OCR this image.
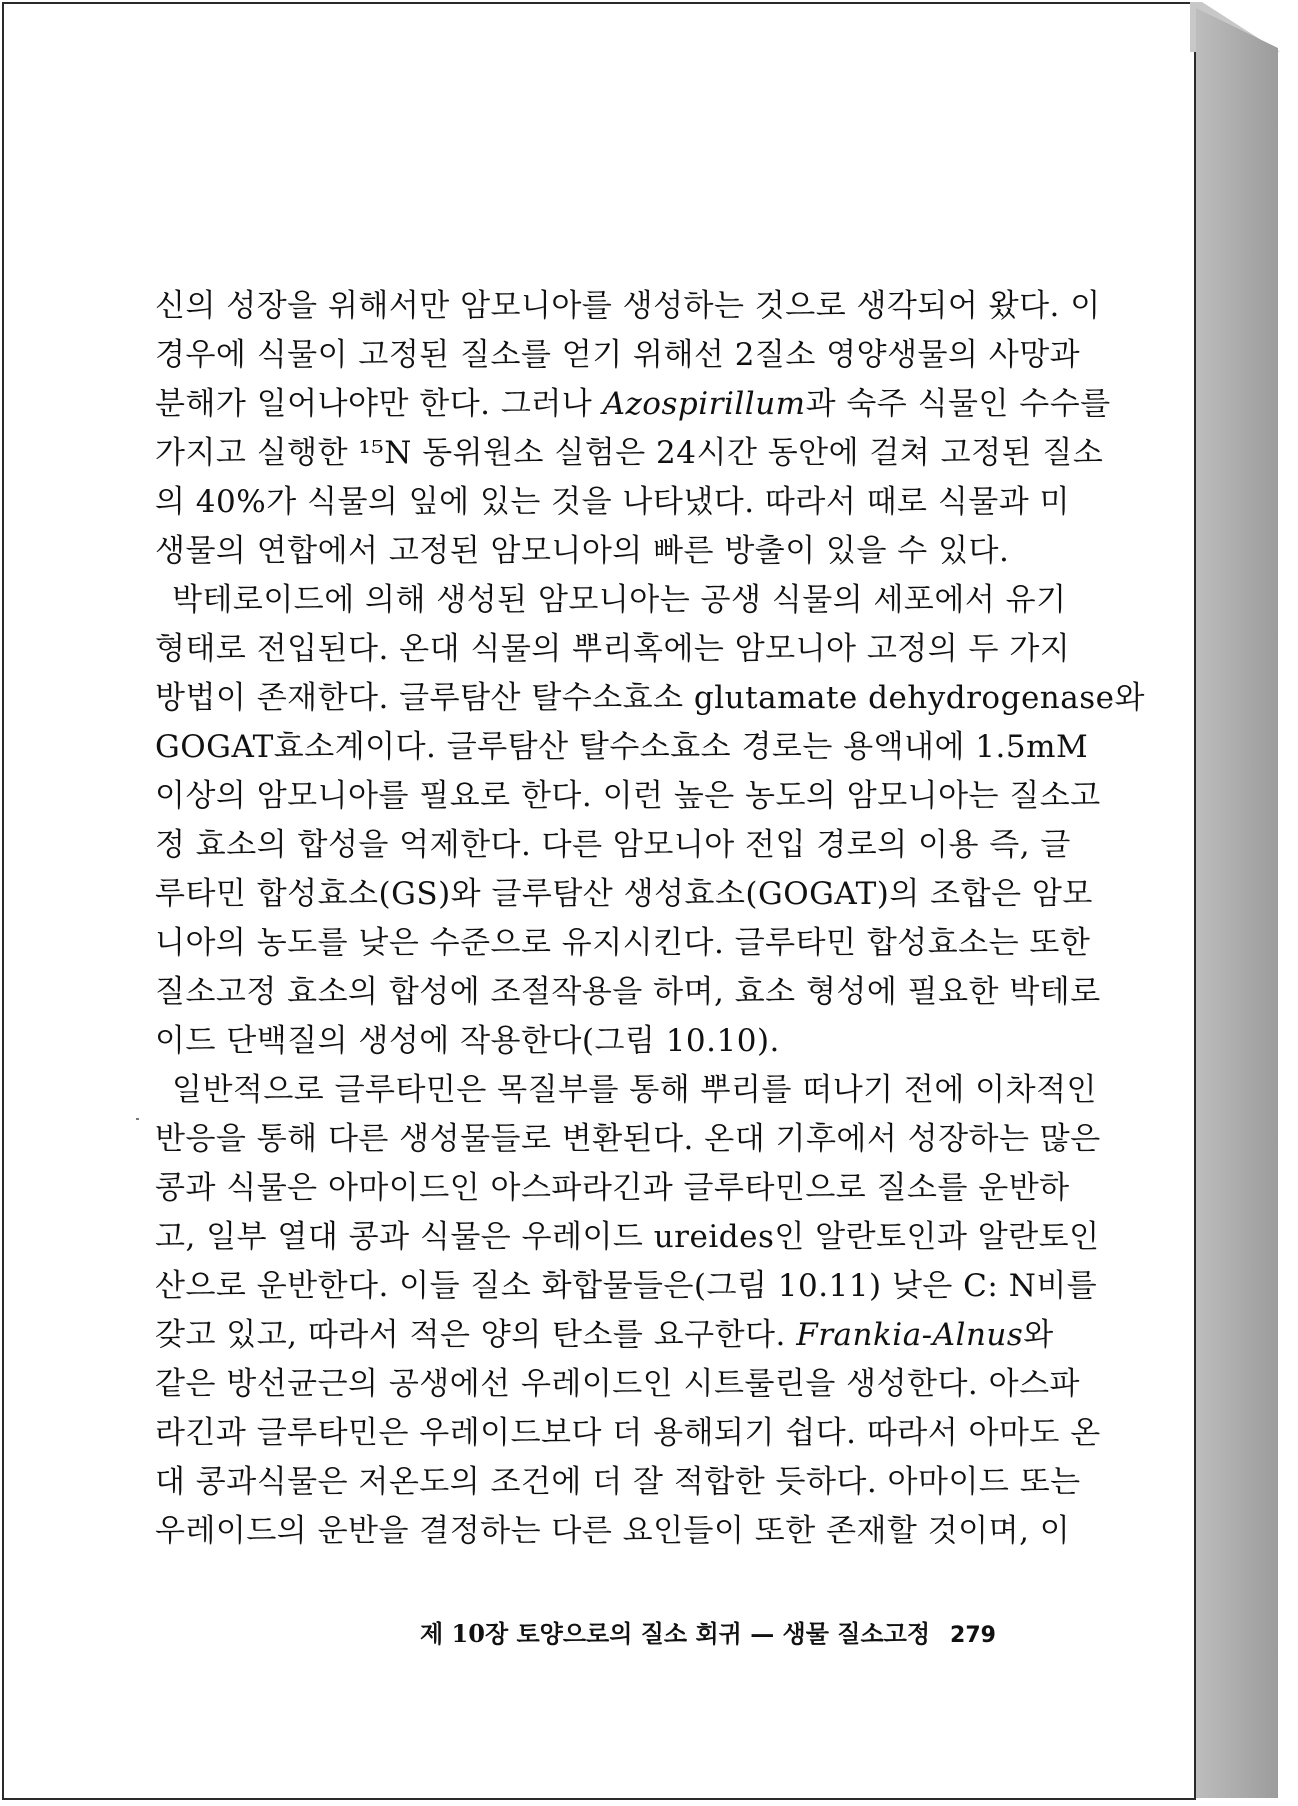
신의 성장을 위해서만 암모니아를 생성하는 것으로 생각되어 왔다. 이
경우에 식물이 고정된 질소를 얻기 위해선 2질소 영양생물의 사망과
분해가 일어나야만 한다. 그러나 Azospirillum과 숙주 식물인 수수를
가지고 실행한 ¹⁵N 동위원소 실험은 24시간 동안에 걸쳐 고정된 질소
의 40%가 식물의 잎에 있는 것을 나타냈다. 따라서 때로 식물과 미
생물의 연합에서 고정된 암모니아의 빠른 방출이 있을 수 있다.
박테로이드에 의해 생성된 암모니아는 공생 식물의 세포에서 유기
형태로 전입된다. 온대 식물의 뿌리혹에는 암모니아 고정의 두 가지
방법이 존재한다. 글루탐산 탈수소효소 glutamate dehydrogenase와
GOGAT효소계이다. 글루탐산 탈수소효소 경로는 용액내에 1.5mM
이상의 암모니아를 필요로 한다. 이런 높은 농도의 암모니아는 질소고
정 효소의 합성을 억제한다. 다른 암모니아 전입 경로의 이용 즉, 글
루타민 합성효소(GS)와 글루탐산 생성효소(GOGAT)의 조합은 암모
니아의 농도를 낮은 수준으로 유지시킨다. 글루타민 합성효소는 또한
질소고정 효소의 합성에 조절작용을 하며, 효소 형성에 필요한 박테로
이드 단백질의 생성에 작용한다(그림 10.10).
일반적으로 글루타민은 목질부를 통해 뿌리를 떠나기 전에 이차적인
반응을 통해 다른 생성물들로 변환된다. 온대 기후에서 성장하는 많은
콩과 식물은 아마이드인 아스파라긴과 글루타민으로 질소를 운반하
고, 일부 열대 콩과 식물은 우레이드 ureides인 알란토인과 알란토인
산으로 운반한다. 이들 질소 화합물들은(그림 10.11) 낮은 C: N비를
갖고 있고, 따라서 적은 양의 탄소를 요구한다. Frankia-Alnus와
같은 방선균근의 공생에선 우레이드인 시트룰린을 생성한다. 아스파
라긴과 글루타민은 우레이드보다 더 용해되기 쉽다. 따라서 아마도 온
대 콩과식물은 저온도의 조건에 더 잘 적합한 듯하다. 아마이드 또는
우레이드의 운반을 결정하는 다른 요인들이 또한 존재할 것이며, 이
제 10장 토양으로의 질소 회귀 — 생물 질소고정 279
